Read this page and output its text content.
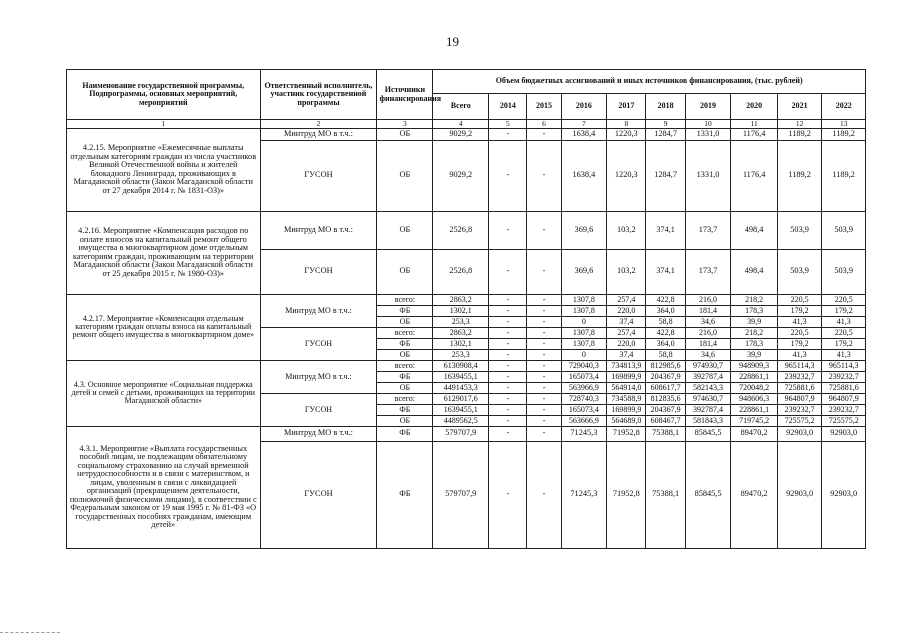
19
Наименование государственной программы, Подпрограммы, основных мероприятий, мероприятий	Ответственный исполнитель, участник государственной программы	Источники финансирования	Объем бюджетных ассигнований и иных источников финансирования, (тыс. рублей)									
			Всего	2014	2015	2016	2017	2018	2019	2020	2021	2022
1	2	3	4	5	6	7	8	9	10	11	12	13
4.2.15. Мероприятие «Ежемесячные выплаты отдельным категориям граждан из числа участников Великой Отечественной войны и жителей блокадного Ленинграда, проживающих в Магаданской области (Закон Магаданской области от 27 декабря 2014 г. № 1831-ОЗ)»	Минтруд МО в т.ч.:	ОБ	9029,2	-	-	1638,4	1220,3	1284,7	1331,0	1176,4	1189,2	1189,2
	ГУСОН	ОБ	9029,2	-	-	1638,4	1220,3	1284,7	1331,0	1176,4	1189,2	1189,2
4.2.16. Мероприятие «Компенсация расходов по оплате взносов на капитальный ремонт общего имущества в многоквартирном доме отдельным категориям граждан, проживающим на территории Магаданской области (Закон Магаданской области от 25 декабря 2015 г. № 1980-ОЗ)»	Минтруд МО в т.ч.:	ОБ	2526,8	-	-	369,6	103,2	374,1	173,7	498,4	503,9	503,9
	ГУСОН	ОБ	2526,8	-	-	369,6	103,2	374,1	173,7	498,4	503,9	503,9
4.2.17. Мероприятие «Компенсация отдельным категориям граждан оплаты взноса на капитальный ремонт общего имущества в многоквартирном доме»	Минтруд МО в т.ч.:	всего:	2863,2	-	-	1307,8	257,4	422,8	216,0	218,2	220,5	220,5
		ФБ	1302,1	-	-	1307,8	220,0	364,0	181,4	178,3	179,2	179,2
		ОБ	253,3	-	-	0	37,4	58,8	34,6	39,9	41,3	41,3
	ГУСОН	всего:	2863,2	-	-	1307,8	257,4	422,8	216,0	218,2	220,5	220,5
		ФБ	1302,1	-	-	1307,8	220,0	364,0	181,4	178,3	179,2	179,2
		ОБ	253,3	-	-	0	37,4	58,8	34,6	39,9	41,3	41,3
4.3. Основное мероприятие «Социальная поддержка детей и семей с детьми, проживающих на территории Магаданской области»	Минтруд МО в т.ч.:	всего:	6130908,4	-	-	729040,3	734813,9	812985,6	974930,7	948909,3	965114,3	965114,3
		ФБ	1639455,1	-	-	165073,4	169899,9	204367,9	392787,4	228861,1	239232,7	239232,7
		ОБ	4491453,3	-	-	563966,9	564914,0	608617,7	582143,3	720048,2	725881,6	725881,6
	ГУСОН	всего:	6129017,6	-	-	728740,3	734588,9	812835,6	974630,7	948606,3	964807,9	964807,9
		ФБ	1639455,1	-	-	165073,4	169899,9	204367,9	392787,4	228861,1	239232,7	239232,7
		ОБ	4489562,5	-	-	563666,9	564689,0	608467,7	581843,3	719745,2	725575,2	725575,2
4.3.1. Мероприятие «Выплата государственных пособий лицам, не подлежащим обязательному социальному страхованию на случай временной нетрудоспособности и в связи с материнством, и лицам, уволенным в связи с ликвидацией организаций (прекращением деятельности, полномочий физическими лицами), в соответствии с Федеральным законом от 19 мая 1995 г. № 81-ФЗ «О государственных пособиях гражданам, имеющим детей»	Минтруд МО в т.ч.:	ФБ	579707,9	-	-	71245,3	71952,8	75388,1	85845,5	89470,2	92903,0	92903,0
	ГУСОН	ФБ	579707,9	-	-	71245,3	71952,8	75388,1	85845,5	89470,2	92903,0	92903,0
